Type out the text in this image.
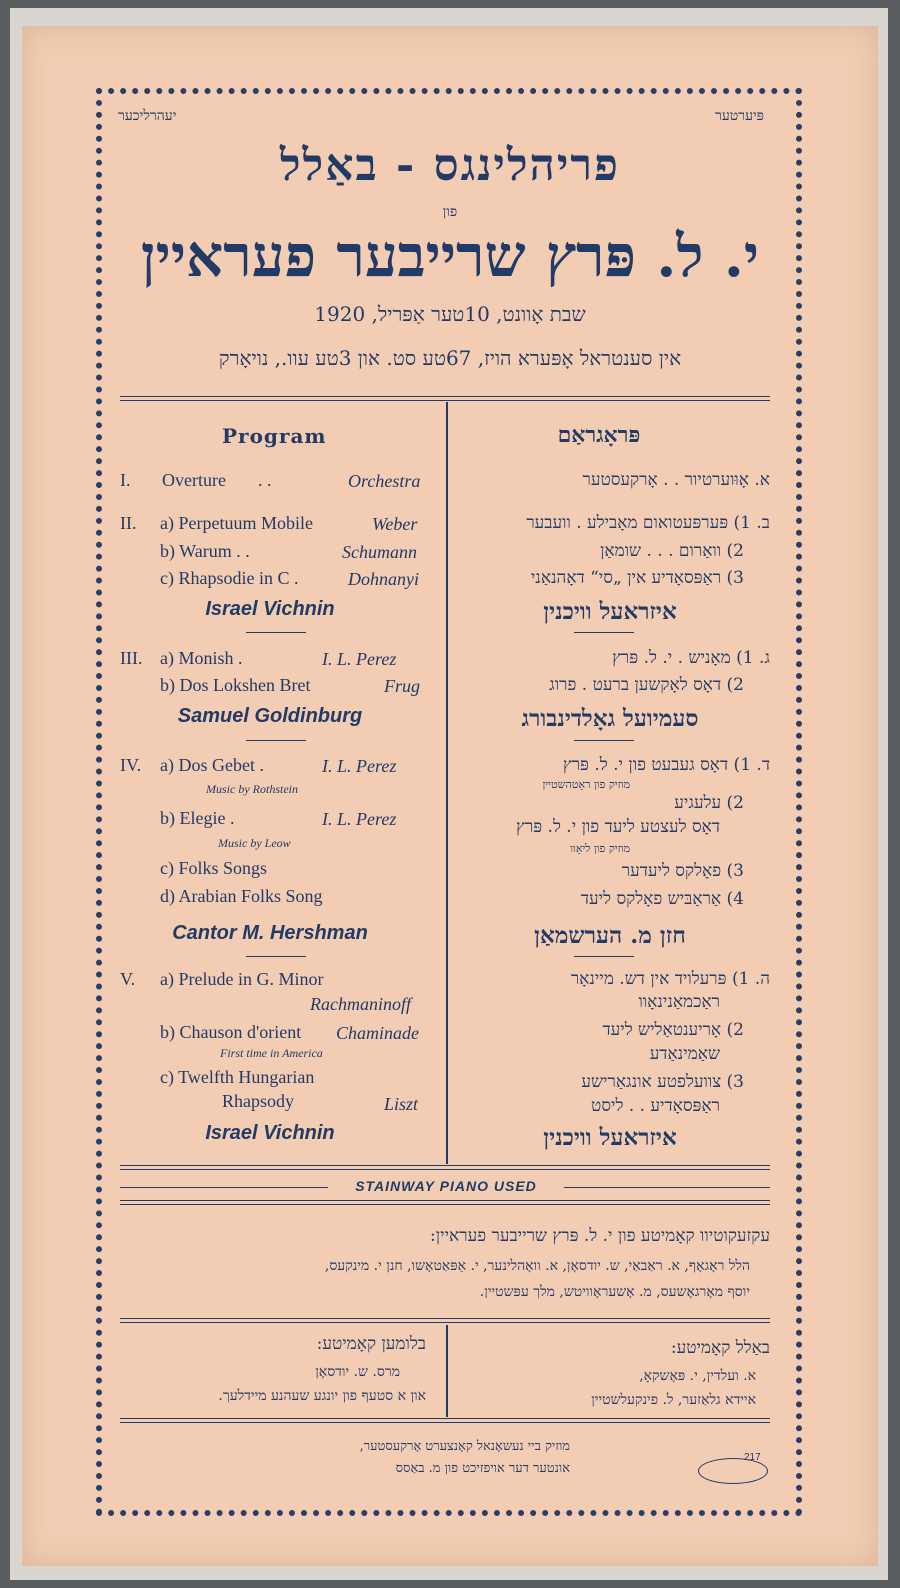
פּיערטער
יעהרליכער
פריהלינגס - באַלל
פון
י. ל. פּרץ שרייבער פעראיין
שבת אָוונט, 10טער אַפּריל, 1920
אין סענטראל אָפּערא הויז, 67טע סט. און 3טע עוו., נויאָרק
Program
I. Overture . .	Orchestra
II. a) Perpetuum Mobile	Weber
b) Warum . .	Schumann
c) Rhapsodie in C .	Dohnanyi
Israel Vichnin
III. a) Monish .	I. L. Perez
b) Dos Lokshen Bret	Frug
Samuel Goldinburg
IV. a) Dos Gebet .	I. L. Perez
Music by Rothstein
b) Elegie .	I. L. Perez
Music by Leow
c) Folks Songs
d) Arabian Folks Song
Cantor M. Hershman
V. a) Prelude in G. Minor
Rachmaninoff
b) Chauson d'orient Chaminade
First time in America
c) Twelfth Hungarian
Rhapsody	Liszt
Israel Vichnin
פּראָגראַם
א. אָוּוערטיור . . אָרקעסטער
ב. 1) פּערפּעטואום מאָבילע . וועבער
2) וואַרום . . . שומאַן
3) ראַפּסאָדיע אין „סי“ דאָהנאַני
איזראעל וויכנין
ג. 1) מאָניש . י. ל. פּרץ
2) דאָס לאָקשען ברעט . פרוג
סעמיועל גאָלדינבורג
ד. 1) דאָס געבעט פון י. ל. פּרץ
מוזיק פון ראָטהשטיין
2) עלעגיע
דאָס לעצטע ליעד פון י. ל. פּרץ
מוזיק פון ליאָוו
3) פאָלקס ליעדער
4) אַראַבּיש פאָלקס ליעד
חזן מ. הערשמאַן
ה. 1) פּרעלויד אין דש. מיינאָר
ראַכמאַנינאָוו
2) אָריענטאַליש ליעד
שאַמינאַדע
3) צוועלפטע אונגאַרישע
ראַפּסאָדיע . . ליסט
איזראעל וויכנין
STAINWAY PIANO USED
עקזעקוטיוו קאָמיטע פון י. ל. פּרץ שרייבער פעראיין:
הלל ראָגאָף, א. ראַבאַי, ש. יודסאָן, א. וואָהלינער, י. אַפּאַטאָשו, חנן י. מינקעס,
יוסף מאָרגאָשעס, מ. אָשעראָוויטש, מלך עפּשטיין.
באַלל קאָמיטע:
א. ועלדין, י. פּאָשקאָ,
איידא גלאַזער, ל. פינקעלשטיין
בלומען קאָמיטע:
מרס. ש. יודסאָן
און א סטעף פון יונגע שעהנע מיידלעך.
מוזיק ביי נעשאָנאל קאָנצערט אָרקעסטער,
אונטער דער אויפזיכט פון מ. באַסס
217
